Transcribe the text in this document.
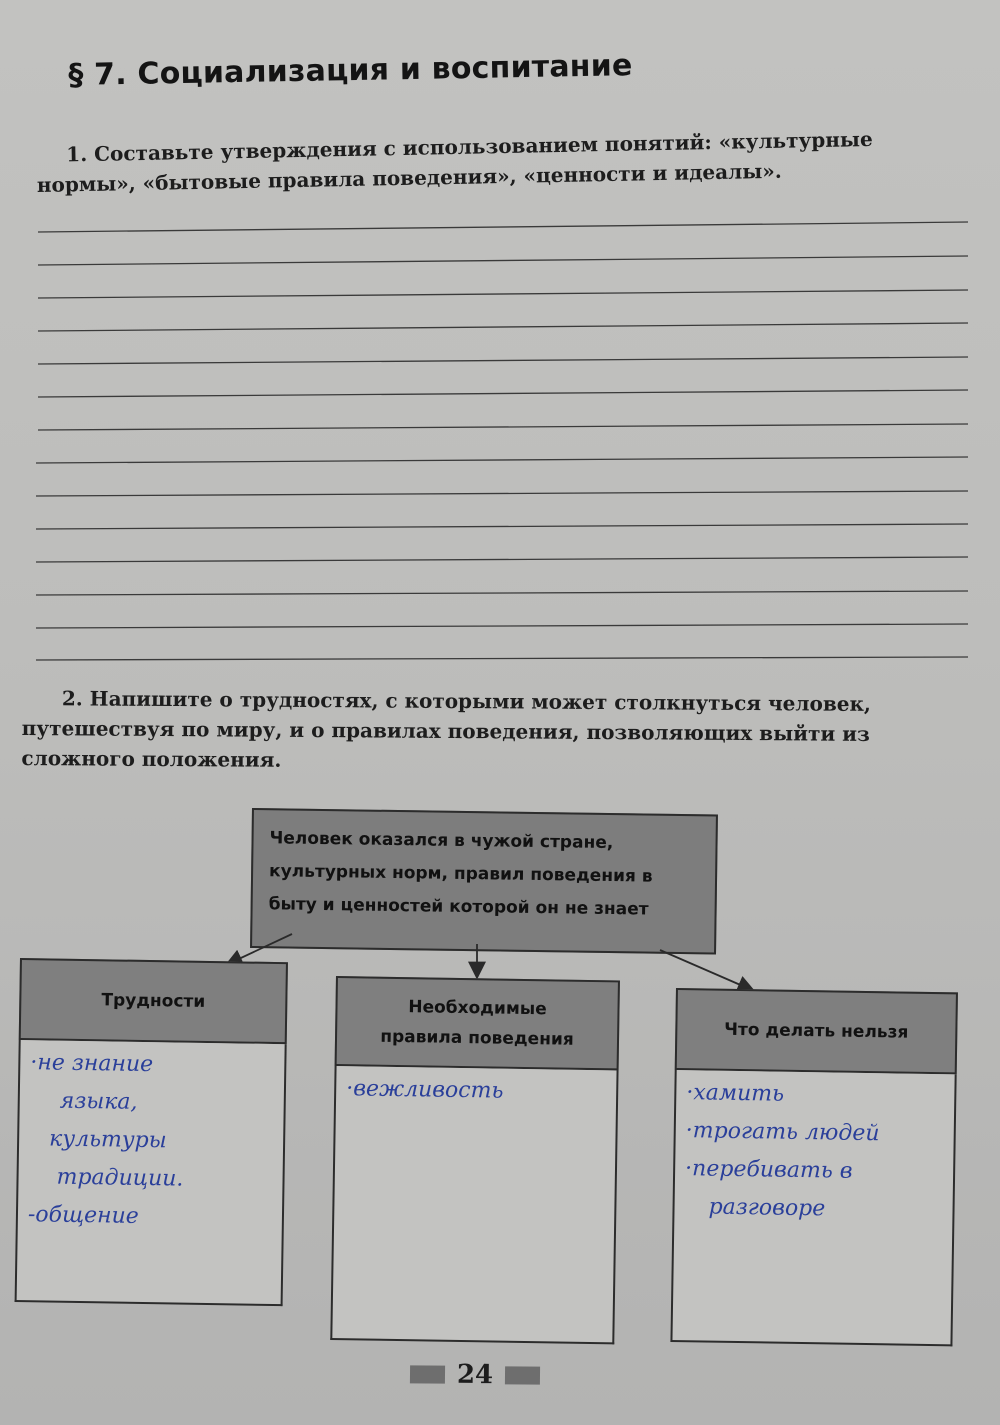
§ 7. Социализация и воспитание

1. Составьте утверждения с использованием понятий: «культурные нормы», «бытовые правила поведения», «ценности и идеалы».

2. Напишите о трудностях, с которыми может столкнуться человек, путешествуя по миру, и о правилах поведения, позволяющих выйти из сложного положения.

Человек оказался в чужой стране, культурных норм, правил поведения в быту и ценностей которой он не знает
Трудности
·не знание
языка,
культуры
традиции.
-общение
Необходимые правила поведения
·вежливость
Что делать нельзя
·хамить
·трогать людей
·перебивать в
разговоре
24
